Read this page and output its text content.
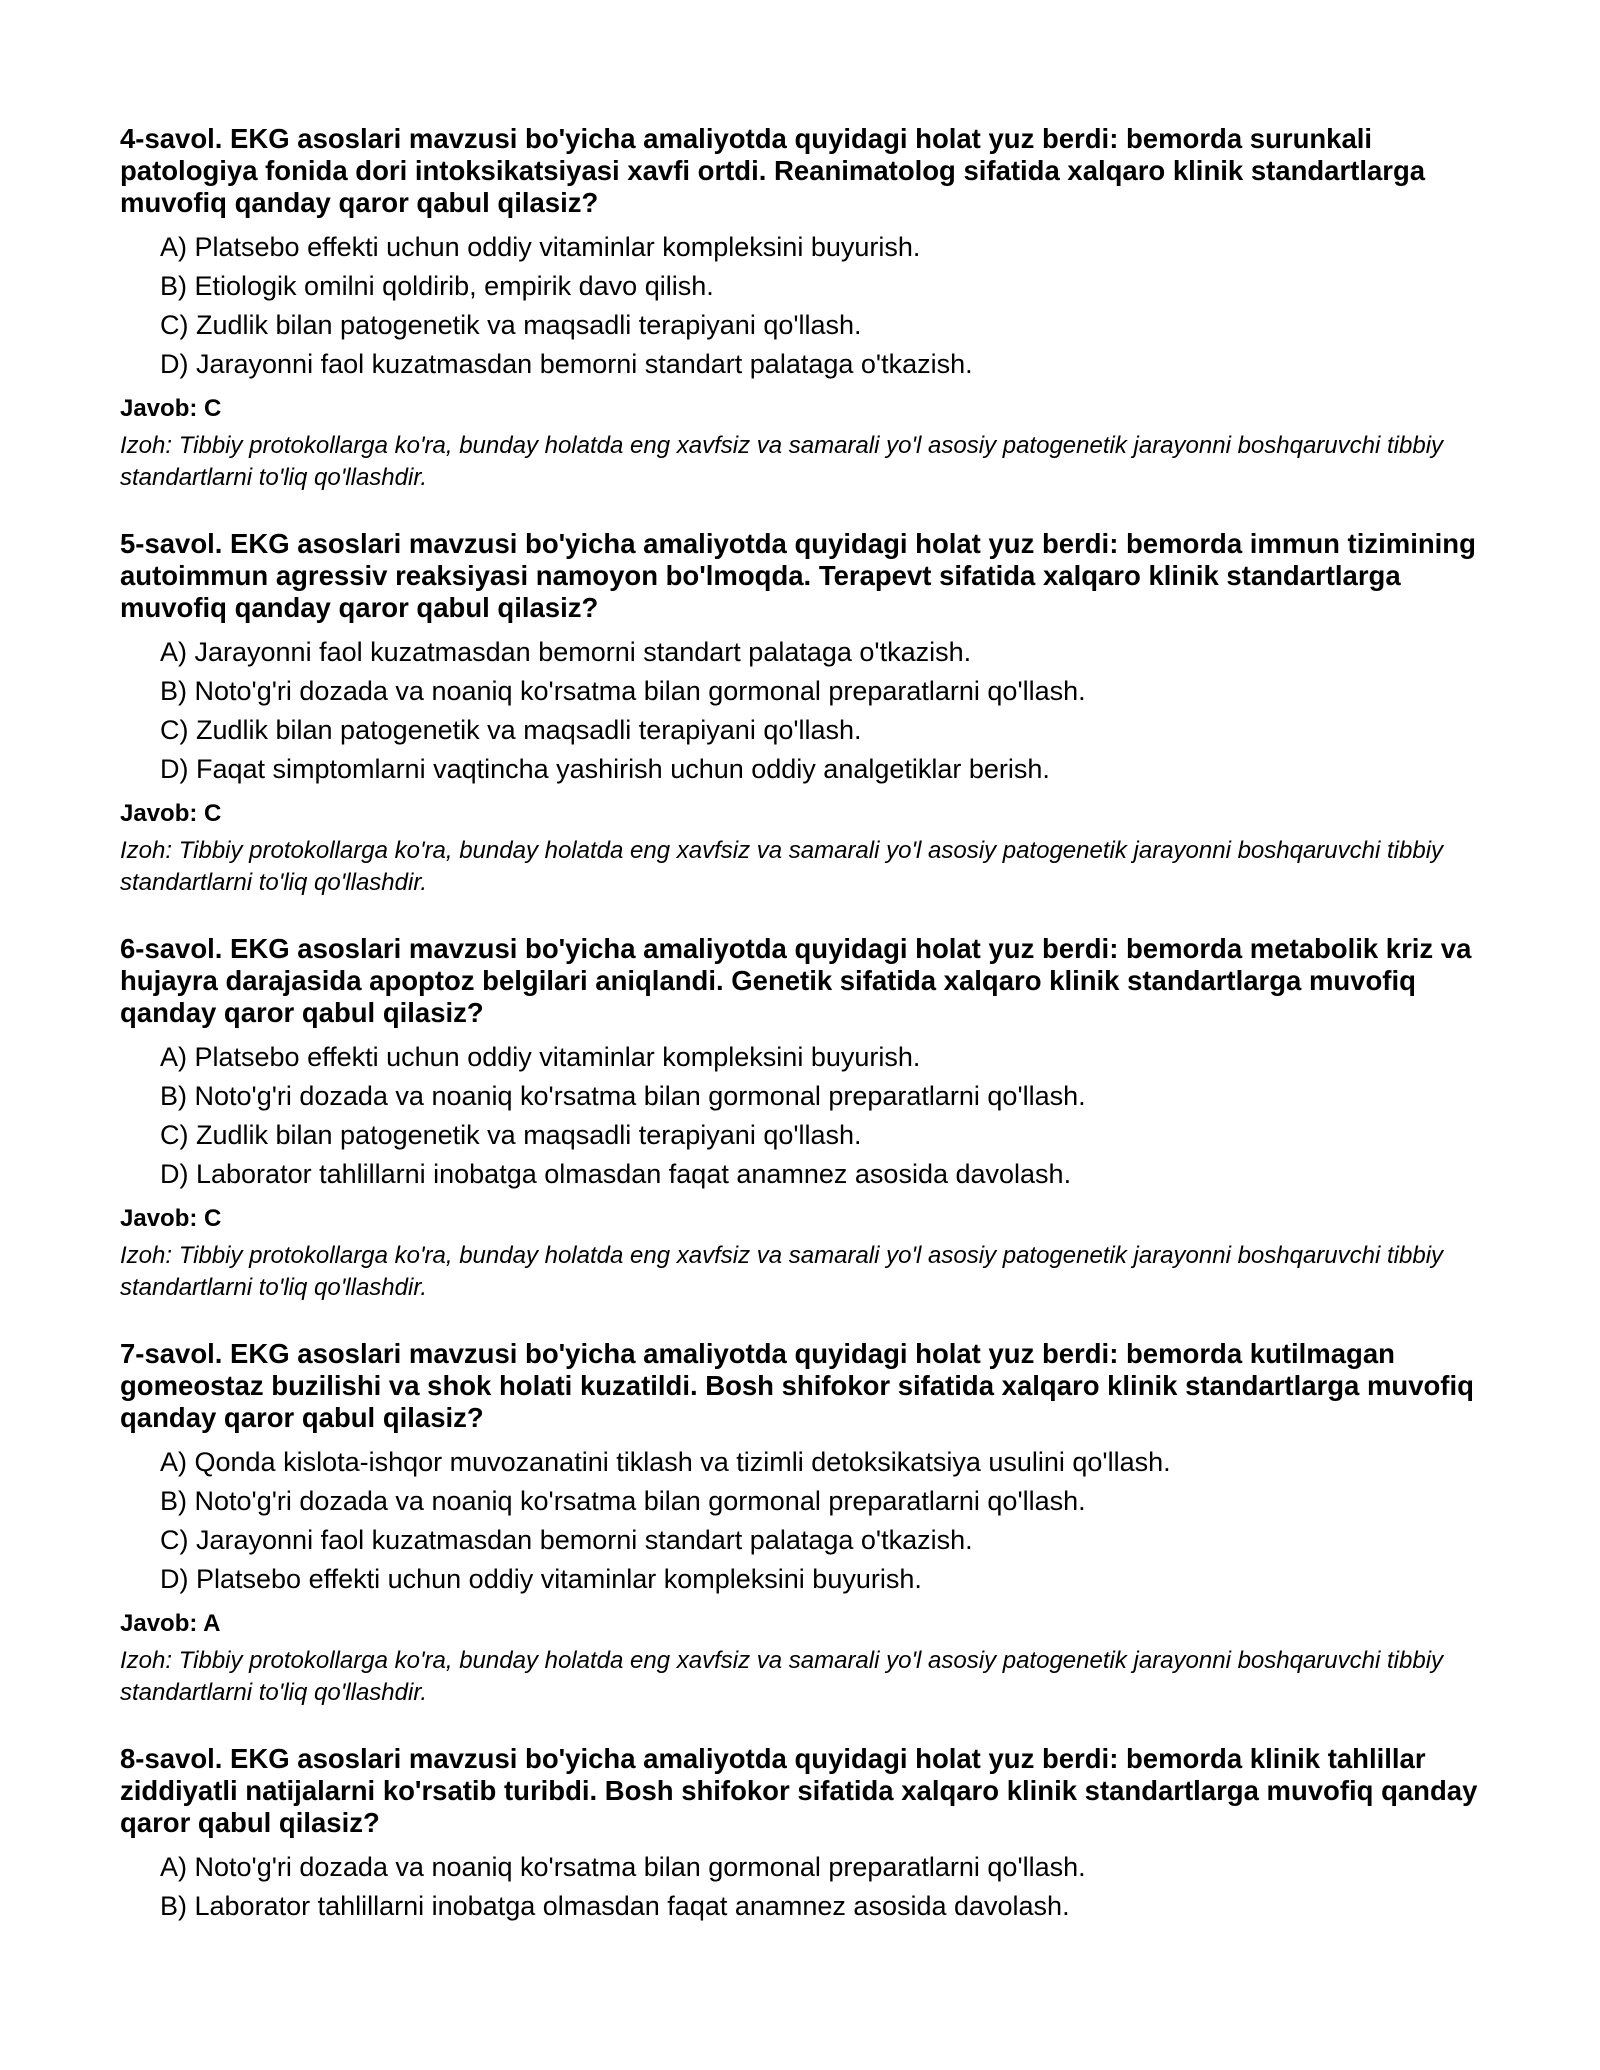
4-savol. EKG asoslari mavzusi bo'yicha amaliyotda quyidagi holat yuz berdi: bemorda surunkali patologiya fonida dori intoksikatsiyasi xavfi ortdi. Reanimatolog sifatida xalqaro klinik standartlarga muvofiq qanday qaror qabul qilasiz?

A) Platsebo effekti uchun oddiy vitaminlar kompleksini buyurish.
B) Etiologik omilni qoldirib, empirik davo qilish.
C) Zudlik bilan patogenetik va maqsadli terapiyani qo'llash.
D) Jarayonni faol kuzatmasdan bemorni standart palataga o'tkazish.

Javob: C

Izoh: Tibbiy protokollarga ko'ra, bunday holatda eng xavfsiz va samarali yo'l asosiy patogenetik jarayonni boshqaruvchi tibbiy standartlarni to'liq qo'llashdir.

5-savol. EKG asoslari mavzusi bo'yicha amaliyotda quyidagi holat yuz berdi: bemorda immun tizimining autoimmun agressiv reaksiyasi namoyon bo'lmoqda. Terapevt sifatida xalqaro klinik standartlarga muvofiq qanday qaror qabul qilasiz?

A) Jarayonni faol kuzatmasdan bemorni standart palataga o'tkazish.
B) Noto'g'ri dozada va noaniq ko'rsatma bilan gormonal preparatlarni qo'llash.
C) Zudlik bilan patogenetik va maqsadli terapiyani qo'llash.
D) Faqat simptomlarni vaqtincha yashirish uchun oddiy analgetiklar berish.

Javob: C

Izoh: Tibbiy protokollarga ko'ra, bunday holatda eng xavfsiz va samarali yo'l asosiy patogenetik jarayonni boshqaruvchi tibbiy standartlarni to'liq qo'llashdir.

6-savol. EKG asoslari mavzusi bo'yicha amaliyotda quyidagi holat yuz berdi: bemorda metabolik kriz va hujayra darajasida apoptoz belgilari aniqlandi. Genetik sifatida xalqaro klinik standartlarga muvofiq qanday qaror qabul qilasiz?

A) Platsebo effekti uchun oddiy vitaminlar kompleksini buyurish.
B) Noto'g'ri dozada va noaniq ko'rsatma bilan gormonal preparatlarni qo'llash.
C) Zudlik bilan patogenetik va maqsadli terapiyani qo'llash.
D) Laborator tahlillarni inobatga olmasdan faqat anamnez asosida davolash.

Javob: C

Izoh: Tibbiy protokollarga ko'ra, bunday holatda eng xavfsiz va samarali yo'l asosiy patogenetik jarayonni boshqaruvchi tibbiy standartlarni to'liq qo'llashdir.

7-savol. EKG asoslari mavzusi bo'yicha amaliyotda quyidagi holat yuz berdi: bemorda kutilmagan gomeostaz buzilishi va shok holati kuzatildi. Bosh shifokor sifatida xalqaro klinik standartlarga muvofiq qanday qaror qabul qilasiz?

A) Qonda kislota-ishqor muvozanatini tiklash va tizimli detoksikatsiya usulini qo'llash.
B) Noto'g'ri dozada va noaniq ko'rsatma bilan gormonal preparatlarni qo'llash.
C) Jarayonni faol kuzatmasdan bemorni standart palataga o'tkazish.
D) Platsebo effekti uchun oddiy vitaminlar kompleksini buyurish.

Javob: A

Izoh: Tibbiy protokollarga ko'ra, bunday holatda eng xavfsiz va samarali yo'l asosiy patogenetik jarayonni boshqaruvchi tibbiy standartlarni to'liq qo'llashdir.

8-savol. EKG asoslari mavzusi bo'yicha amaliyotda quyidagi holat yuz berdi: bemorda klinik tahlillar ziddiyatli natijalarni ko'rsatib turibdi. Bosh shifokor sifatida xalqaro klinik standartlarga muvofiq qanday qaror qabul qilasiz?

A) Noto'g'ri dozada va noaniq ko'rsatma bilan gormonal preparatlarni qo'llash.
B) Laborator tahlillarni inobatga olmasdan faqat anamnez asosida davolash.
